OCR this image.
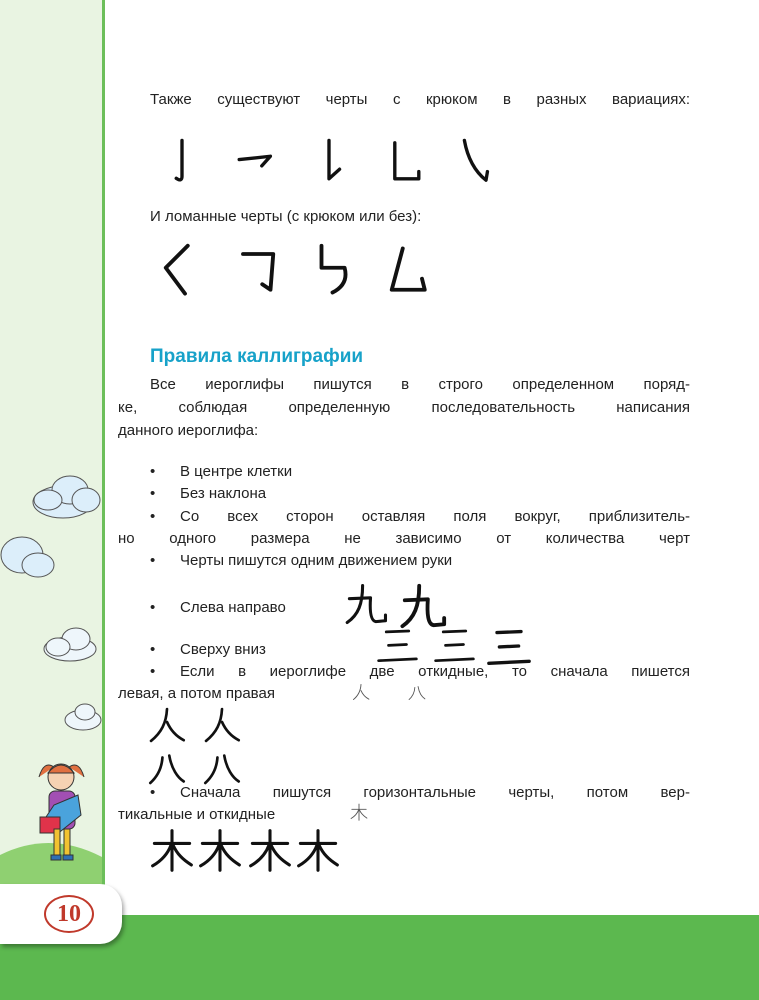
10
Также существуют черты с крюком в разных вариациях:
И ломанные черты (с крюком или без):
Правила каллиграфии
Все иероглифы пишутся в строго определенном поряд-
ке, соблюдая определенную последовательность написания
данного иероглифа:
• В центре клетки
• Без наклона
•	Со всех сторон оставляя поля вокруг, приблизитель-
но одного размера не зависимо от количества черт
• Черты пишутся одним движением руки
• Слева направо
• Сверху вниз
•	Если в иероглифе две откидные, то сначала пишется
левая, а потом правая
•	Сначала пишутся горизонтальные черты, потом вер-
тикальные и откидные
